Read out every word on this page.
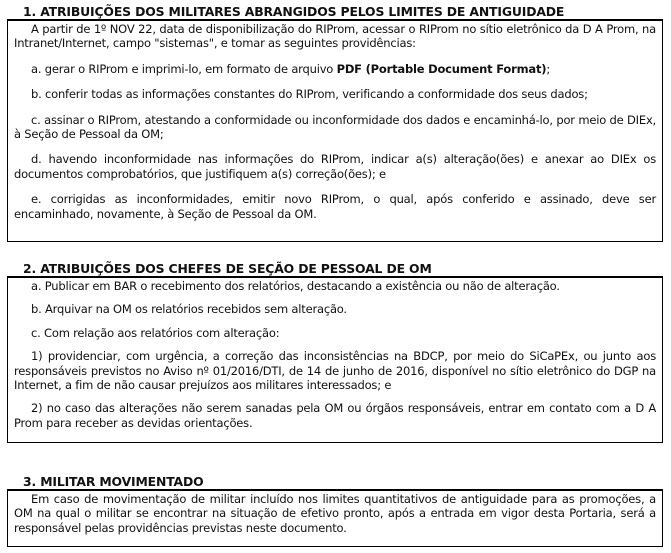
1. ATRIBUIÇÕES DOS MILITARES ABRANGIDOS PELOS LIMITES DE ANTIGUIDADE

A partir de 1º NOV 22, data de disponibilização do RIProm, acessar o RIProm no sítio eletrônico da D A Prom, na Intranet/Internet, campo "sistemas", e tomar as seguintes providências:

a. gerar o RIProm e imprimi-lo, em formato de arquivo PDF (Portable Document Format);

b. conferir todas as informações constantes do RIProm, verificando a conformidade dos seus dados;

c. assinar o RIProm, atestando a conformidade ou inconformidade dos dados e encaminhá-lo, por meio de DIEx, à Seção de Pessoal da OM;

d. havendo inconformidade nas informações do RIProm, indicar a(s) alteração(ões) e anexar ao DIEx os documentos comprobatórios, que justifiquem a(s) correção(ões); e

e. corrigidas as inconformidades, emitir novo RIProm, o qual, após conferido e assinado, deve ser encaminhado, novamente, à Seção de Pessoal da OM.

2. ATRIBUIÇÕES DOS CHEFES DE SEÇÃO DE PESSOAL DE OM

a. Publicar em BAR o recebimento dos relatórios, destacando a existência ou não de alteração.

b. Arquivar na OM os relatórios recebidos sem alteração.

c. Com relação aos relatórios com alteração:

1) providenciar, com urgência, a correção das inconsistências na BDCP, por meio do SiCaPEx, ou junto aos responsáveis previstos no Aviso nº 01/2016/DTI, de 14 de junho de 2016, disponível no sítio eletrônico do DGP na Internet, a fim de não causar prejuízos aos militares interessados; e

2) no caso das alterações não serem sanadas pela OM ou órgãos responsáveis, entrar em contato com a D A Prom para receber as devidas orientações.

3. MILITAR MOVIMENTADO

Em caso de movimentação de militar incluído nos limites quantitativos de antiguidade para as promoções, a OM na qual o militar se encontrar na situação de efetivo pronto, após a entrada em vigor desta Portaria, será a responsável pelas providências previstas neste documento.
